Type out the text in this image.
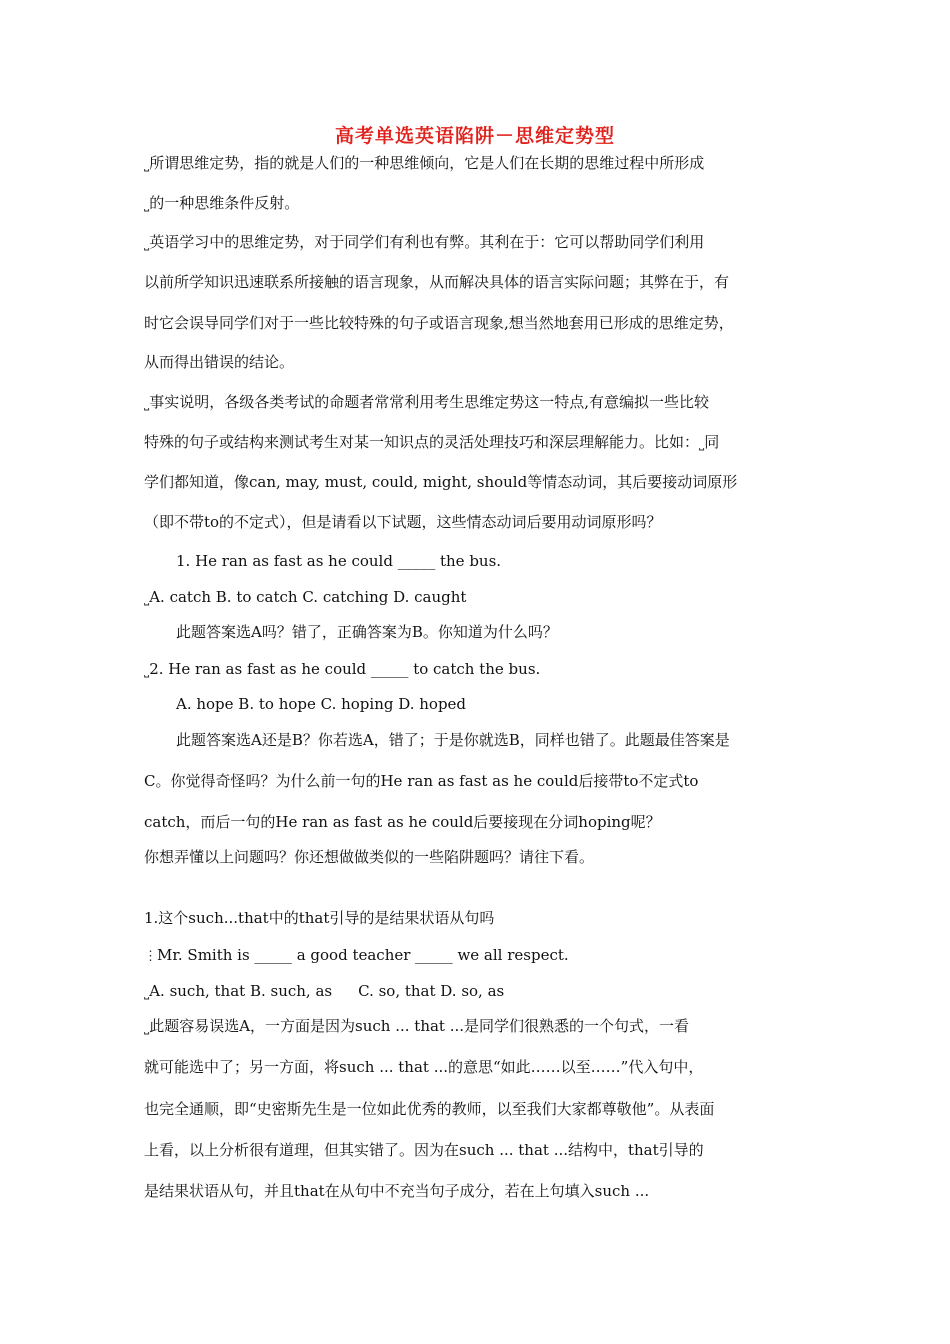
高考单选英语陷阱－思维定势型
⎵所谓思维定势，指的就是人们的一种思维倾向，它是人们在长期的思维过程中所形成
⎵的一种思维条件反射。
⎵英语学习中的思维定势，对于同学们有利也有弊。其利在于：它可以帮助同学们利用
以前所学知识迅速联系所接触的语言现象，从而解决具体的语言实际问题；其弊在于，有
时它会误导同学们对于一些比较特殊的句子或语言现象,想当然地套用已形成的思维定势，
从而得出错误的结论。
⎵事实说明，各级各类考试的命题者常常利用考生思维定势这一特点,有意编拟一些比较
特殊的句子或结构来测试考生对某一知识点的灵活处理技巧和深层理解能力。比如：⎵同
学们都知道，像can, may, must, could, might, should等情态动词，其后要接动词原形
（即不带to的不定式），但是请看以下试题，这些情态动词后要用动词原形吗？
1. He ran as fast as he could _____ the bus.
⎵A. catch B. to catch C. catching D. caught
此题答案选A吗？错了，正确答案为B。你知道为什么吗？
⎵2. He ran as fast as he could _____ to catch the bus.
A. hope B. to hope C. hoping D. hoped
此题答案选A还是B？你若选A，错了；于是你就选B，同样也错了。此题最佳答案是
C。你觉得奇怪吗？为什么前一句的He ran as fast as he could后接带to不定式to
catch，而后一句的He ran as fast as he could后要接现在分词hoping呢？
你想弄懂以上问题吗？你还想做做类似的一些陷阱题吗？请往下看。
1.这个such...that中的that引导的是结果状语从句吗
⋮Mr. Smith is _____ a good teacher _____ we all respect.
⎵A. such, that B. such, as C. so, that D. so, as
⎵此题容易误选A，一方面是因为such ... that ...是同学们很熟悉的一个句式，一看
就可能选中了；另一方面，将such ... that ...的意思“如此……以至……”代入句中，
也完全通顺，即“史密斯先生是一位如此优秀的教师，以至我们大家都尊敬他”。从表面
上看，以上分析很有道理，但其实错了。因为在such ... that ...结构中，that引导的
是结果状语从句，并且that在从句中不充当句子成分，若在上句填入such ...
